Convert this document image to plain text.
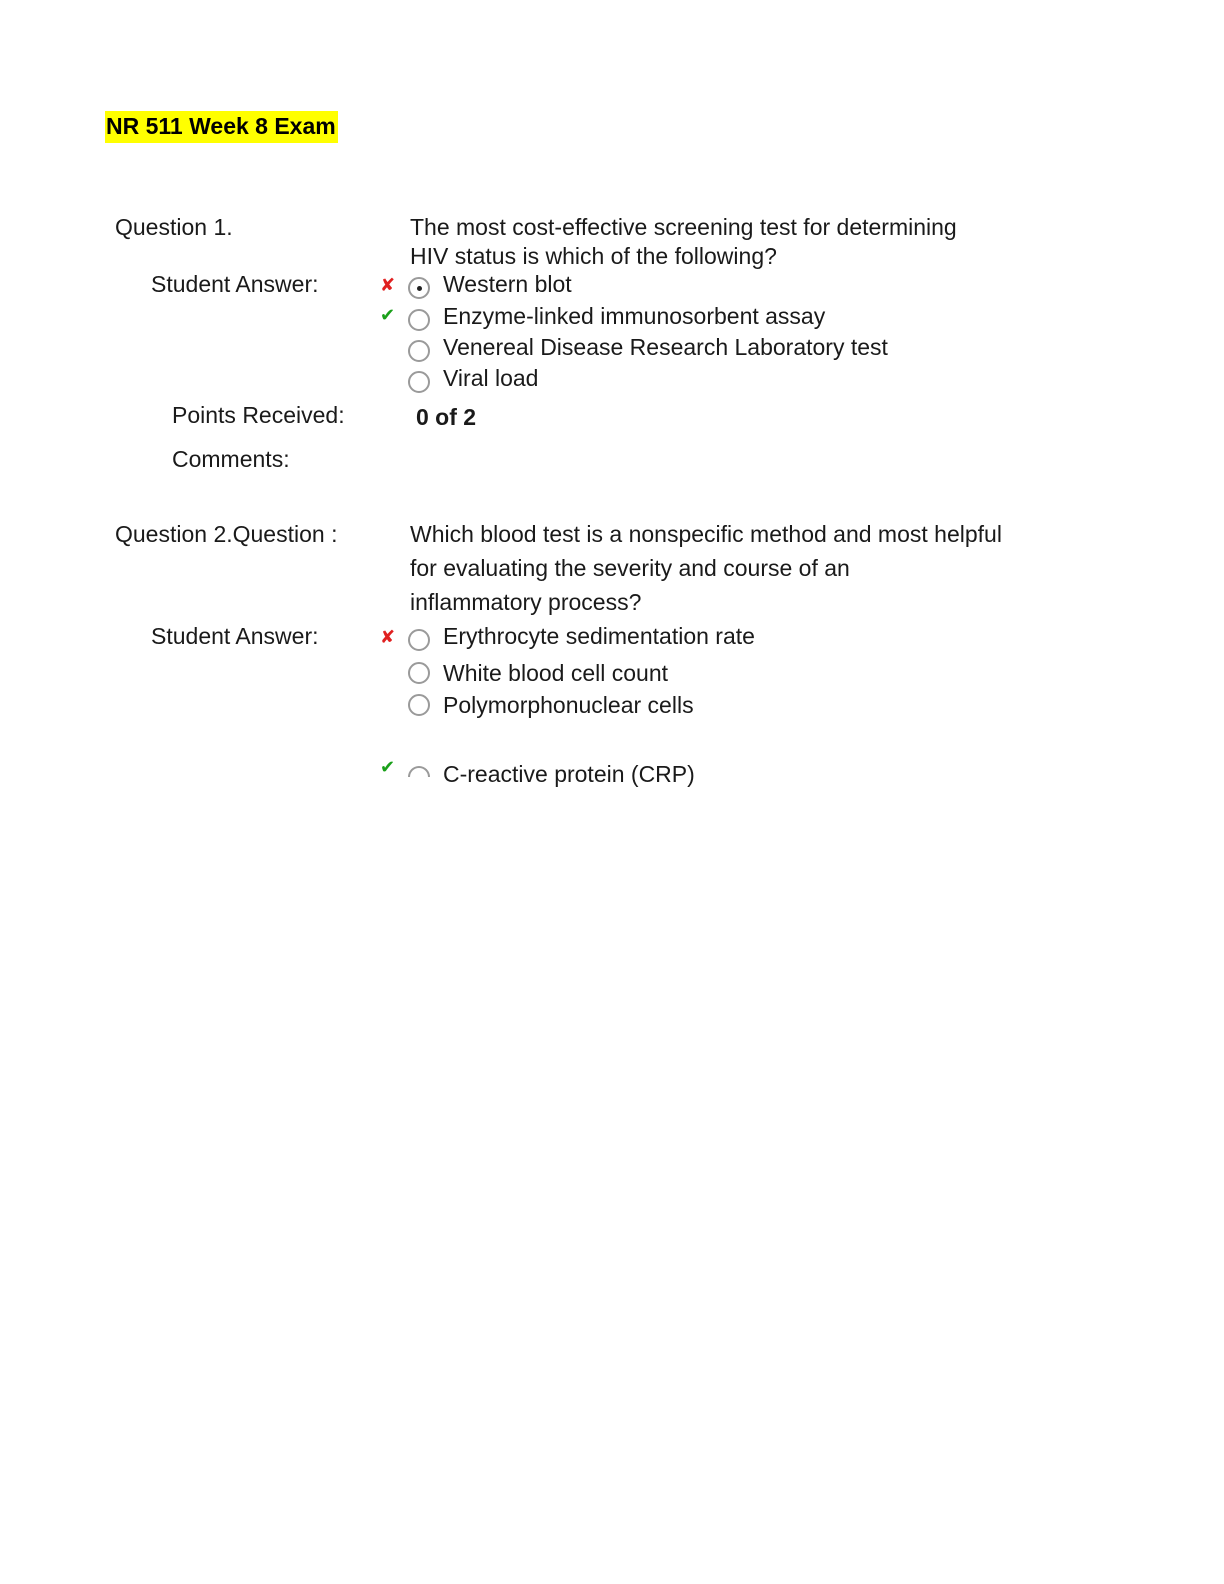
NR 511 Week 8 Exam
Question 1.	The most cost-effective screening test for determining
HIV status is which of the following?
Student Answer:	✘ Western blot
✔ Enzyme-linked immunosorbent assay
Venereal Disease Research Laboratory test
Viral load
Points Received:	0 of 2
Comments:
Question 2.Question :	Which blood test is a nonspecific method and most helpful
for evaluating the severity and course of an
inflammatory process?
Student Answer:	✘ Erythrocyte sedimentation rate
White blood cell count
Polymorphonuclear cells
✔ C-reactive protein (CRP)
